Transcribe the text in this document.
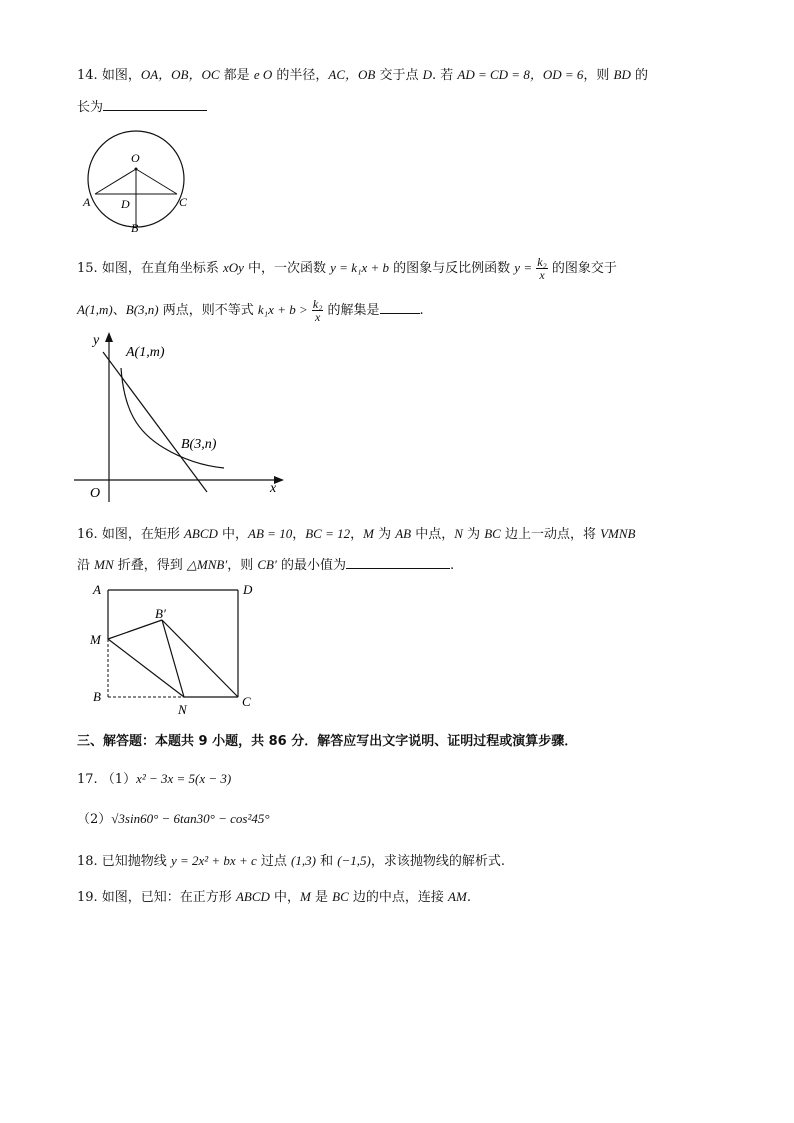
14. 如图，OA，OB，OC 都是 e O 的半径，AC，OB 交于点 D. 若 AD = CD = 8，OD = 6，则 BD 的
长为
O
A	D	C
B
15. 如图，在直角坐标系 xOy 中，一次函数 y = k₁x + b 的图象与反比例函数 $y = \frac{\text{k₂}}{x}$ 的图象交于
A(1,m)、B(3,n) 两点，则不等式 $k_1x + b > \frac{\text{k₂}}{x}$ 的解集是	.
y
A(1,m)
B(3,n)
O	x
16. 如图，在矩形 ABCD 中，AB = 10，BC = 12，M 为 AB 中点，N 为 BC 边上一动点，将 VMNB
沿 MN 折叠，得到 △MNB′，则 CB′ 的最小值为	.
A	D
B′
M
B
N
C
三、解答题：本题共 9 小题，共 86 分．解答应写出文字说明、证明过程或演算步骤．
17. （1）x² − 3x = 5(x − 3)
（2）√3sin60° − 6tan30° − cos²45°
18. 已知抛物线 y = 2x² + bx + c 过点 (1,3) 和 (−1,5)，求该抛物线的解析式.
19. 如图，已知：在正方形 ABCD 中，M 是 BC 边的中点，连接 AM.
